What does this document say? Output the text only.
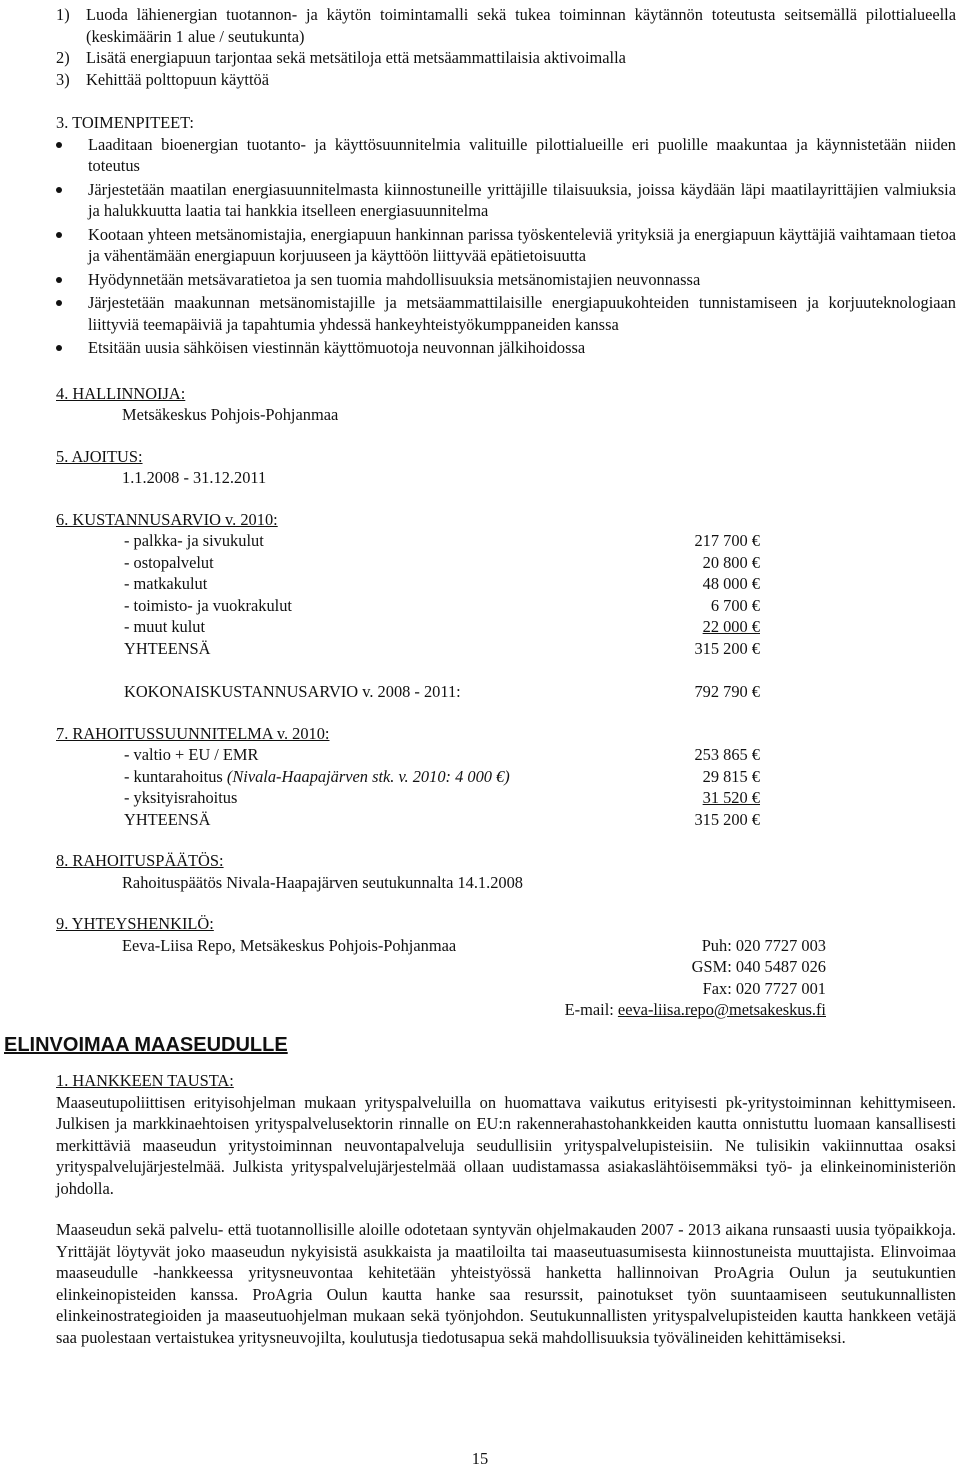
1) Luoda lähienergian tuotannon- ja käytön toimintamalli sekä tukea toiminnan käytännön toteutusta seitsemällä pilottialueella (keskimäärin 1 alue / seutukunta)
2) Lisätä energiapuun tarjontaa sekä metsätiloja että metsäammattilaisia aktivoimalla
3) Kehittää polttopuun käyttöä
3. TOIMENPITEET:
Laaditaan bioenergian tuotanto- ja käyttösuunnitelmia valituille pilottialueille eri puolille maakuntaa ja käynnistetään niiden toteutus
Järjestetään maatilan energiasuunnitelmasta kiinnostuneille yrittäjille tilaisuuksia, joissa käydään läpi maatilayrittäjien valmiuksia ja halukkuutta laatia tai hankkia itselleen energiasuunnitelma
Kootaan yhteen metsänomistajia, energiapuun hankinnan parissa työskenteleviä yrityksiä ja energiapuun käyttäjiä vaihtamaan tietoa ja vähentämään energiapuun korjuuseen ja käyttöön liittyvää epätietoisuutta
Hyödynnetään metsävaratietoa ja sen tuomia mahdollisuuksia metsänomistajien neuvonnassa
Järjestetään maakunnan metsänomistajille ja metsäammattilaisille energiapuukohteiden tunnistamiseen ja korjuuteknologiaan liittyviä teemapäiviä ja tapahtumia yhdessä hankeyhteistyökumppaneiden kanssa
Etsitään uusia sähköisen viestinnän käyttömuotoja neuvonnan jälkihoidossa
4. HALLINNOIJA:
Metsäkeskus Pohjois-Pohjanmaa
5. AJOITUS:
1.1.2008 - 31.12.2011
6. KUSTANNUSARVIO v. 2010:
- palkka- ja sivukulut	217 700 €
- ostopalvelut	20 800 €
- matkakulut	48 000 €
- toimisto- ja vuokrakulut	6 700 €
- muut kulut	22 000 €
YHTEENSÄ	315 200 €
KOKONAISKUSTANNUSARVIO v. 2008 - 2011:	792 790 €
7. RAHOITUSSUUNNITELMA v. 2010:
- valtio + EU / EMR	253 865 €
- kuntarahoitus (Nivala-Haapajärven stk. v. 2010: 4 000 €)	29 815 €
- yksityisrahoitus	31 520 €
YHTEENSÄ	315 200 €
8. RAHOITUSPÄÄTÖS:
Rahoituspäätös Nivala-Haapajärven seutukunnalta 14.1.2008
9. YHTEYSHENKILÖ:
Eeva-Liisa Repo, Metsäkeskus Pohjois-Pohjanmaa	Puh: 020 7727 003
GSM: 040 5487 026
Fax: 020 7727 001
E-mail: eeva-liisa.repo@metsakeskus.fi
ELINVOIMAA MAASEUDULLE
1. HANKKEEN TAUSTA:
Maaseutupoliittisen erityisohjelman mukaan yrityspalveluilla on huomattava vaikutus erityisesti pk-yritystoiminnan kehittymiseen. Julkisen ja markkinaehtoisen yrityspalvelusektorin rinnalle on EU:n rakennerahastohankkeiden kautta onnistuttu luomaan kansallisesti merkittäviä maaseudun yritystoiminnan neuvontapalveluja seudullisiin yrityspalvelupisteisiin. Ne tulisikin vakiinnuttaa osaksi yrityspalvelujärjestelmää. Julkista yrityspalvelujärjestelmää ollaan uudistamassa asiakaslähtöisemmäksi työ- ja elinkeinoministeriön johdolla.
Maaseudun sekä palvelu- että tuotannollisille aloille odotetaan syntyvän ohjelmakauden 2007 - 2013 aikana runsaasti uusia työpaikkoja. Yrittäjät löytyvät joko maaseudun nykyisistä asukkaista ja maatiloilta tai maaseutuasumisesta kiinnostuneista muuttajista. Elinvoimaa maaseudulle -hankkeessa yritysneuvontaa kehitetään yhteistyössä hanketta hallinnoivan ProAgria Oulun ja seutukuntien elinkeinopisteiden kanssa. ProAgria Oulun kautta hanke saa resurssit, painotukset työn suuntaamiseen seutukunnallisten elinkeinostrategioiden ja maaseutuohjelman mukaan sekä työnjohdon. Seutukunnallisten yrityspalvelupisteiden kautta hankkeen vetäjä saa puolestaan vertaistukea yritysneuvojilta, koulutusja tiedotusapua sekä mahdollisuuksia työvälineiden kehittämiseksi.
15
